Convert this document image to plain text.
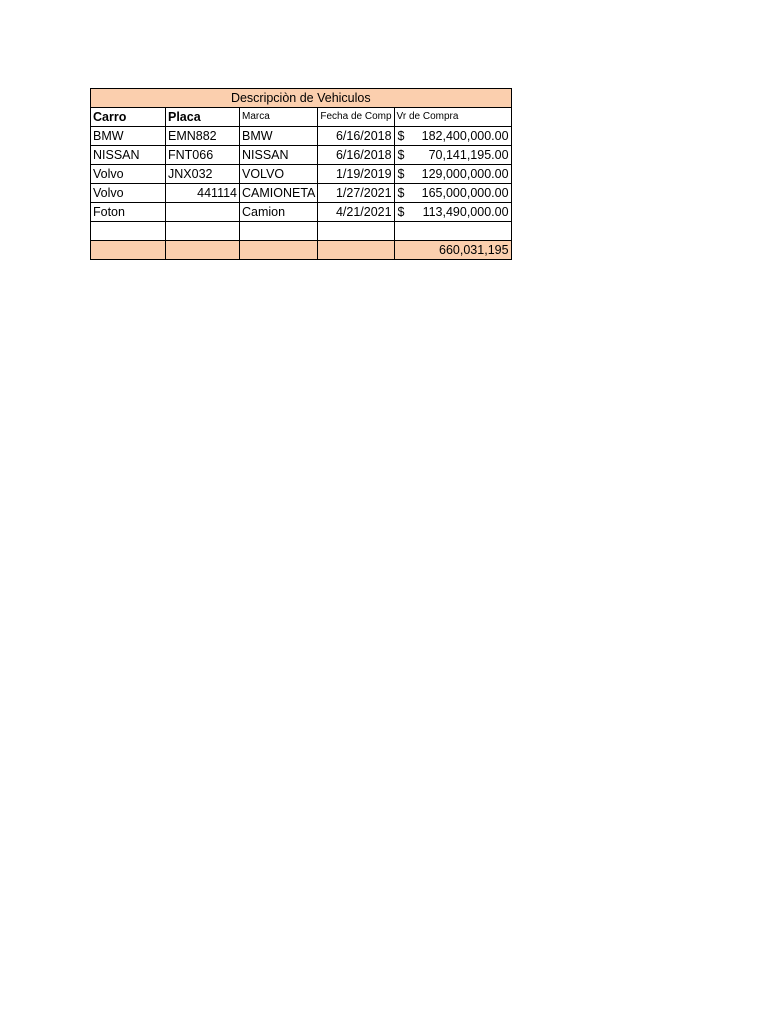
Descripciòn de Vehiculos				
Carro	Placa	Marca	Fecha de Comp	Vr de Compra
BMW	EMN882	BMW	6/16/2018	$ 182,400,000.00
NISSAN	FNT066	NISSAN	6/16/2018	$ 70,141,195.00
Volvo	JNX032	VOLVO	1/19/2019	$ 129,000,000.00
Volvo	441114	CAMIONETA	1/27/2021	$ 165,000,000.00
Foton		Camion	4/21/2021	$ 113,490,000.00

				660,031,195
